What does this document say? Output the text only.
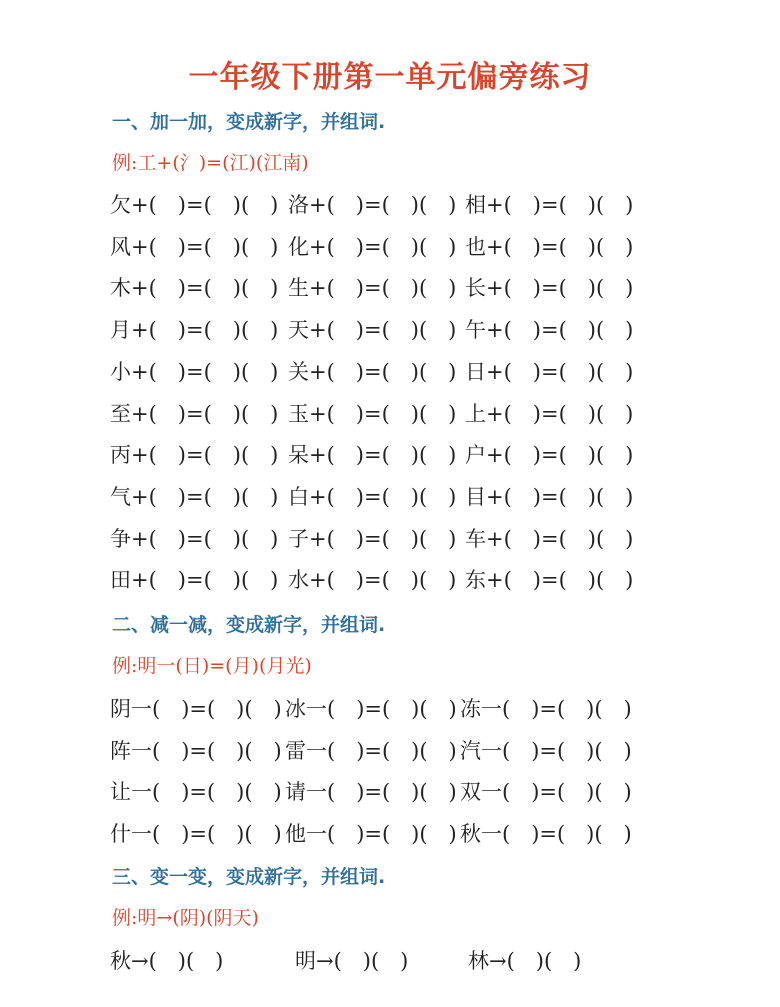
一年级下册第一单元偏旁练习
一、加一加，变成新字，并组词.
例:工+(氵)=(江)(江南)
欠+(　)=(　)(　) 洛+(　)=(　)(　) 相+(　)=(　)(　)
风+(　)=(　)(　) 化+(　)=(　)(　) 也+(　)=(　)(　)
木+(　)=(　)(　) 生+(　)=(　)(　) 长+(　)=(　)(　)
月+(　)=(　)(　) 天+(　)=(　)(　) 午+(　)=(　)(　)
小+(　)=(　)(　) 关+(　)=(　)(　) 日+(　)=(　)(　)
至+(　)=(　)(　) 玉+(　)=(　)(　) 上+(　)=(　)(　)
丙+(　)=(　)(　) 呆+(　)=(　)(　) 户+(　)=(　)(　)
气+(　)=(　)(　) 白+(　)=(　)(　) 目+(　)=(　)(　)
争+(　)=(　)(　) 子+(　)=(　)(　) 车+(　)=(　)(　)
田+(　)=(　)(　) 水+(　)=(　)(　) 东+(　)=(　)(　)
二、减一减，变成新字，并组词.
例:明一(日)=(月)(月光)
阴一(　)=(　)(　) 冰一(　)=(　)(　) 冻一(　)=(　)(　)
阵一(　)=(　)(　) 雷一(　)=(　)(　) 汽一(　)=(　)(　)
让一(　)=(　)(　) 请一(　)=(　)(　) 双一(　)=(　)(　)
什一(　)=(　)(　) 他一(　)=(　)(　) 秋一(　)=(　)(　)
三、变一变，变成新字，并组词.
例:明→(阴)(阴天)
秋→(　)(　)	明→(　)(　)	林→(　)(　)
